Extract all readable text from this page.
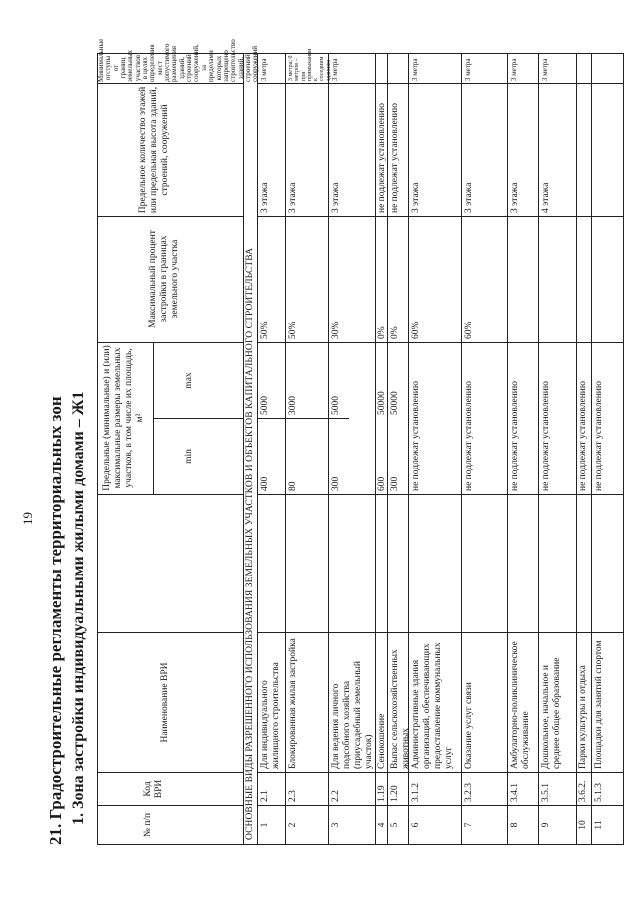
19 21. Градостроительные регламенты территориальных зон 1. Зона застройки индивидуальными жилыми домами – Ж1	№ п/п
Код ВРИ
Наименование ВРИ
Предельные (минимальные) и (или) максимальные размеры земельных участков, в том числе их площадь, м²
min
max
Максимальный процент застройки в границах земельного участка
Предельное количество этажей или предельная высота зданий, строений, сооружений
Минимальные отступы от границ земельных участков в целях определения мест допустимого размещения зданий, строений, сооружений, за пределами которых запрещено строительство зданий, строений, сооружений
ОСНОВНЫЕ ВИДЫ РАЗРЕШЕННОГО ИСПОЛЬЗОВАНИЯ ЗЕМЕЛЬНЫХ УЧАСТКОВ И ОБЪЕКТОВ КАПИТАЛЬНОГО СТРОИТЕЛЬСТВА 1
2.1
Для индивидуального жилищного строительства
400
5000
50%
3 этажа
3 метра
2
2.3
Блокированная жилая застройка
80
3000
50%
3 этажа
3 метра; 0 метров – при примыкании к соседним зданиям
3
2.2
Для ведения личного подсобного хозяйства (приусадебный земельный участок)
300
5000
30%
3 этажа
3 метра
4
1.19
Сенокошение
600
50000
0%
не подлежат установлению
5
1.20
Выпас сельскохозяйственных животных
300
50000
0%
не подлежат установлению
6
3.1.2
Административные здания организаций, обеспечивающих предоставление коммунальных услуг
не подлежат установлению
60%
3 этажа
3 метра
7
3.2.3
Оказание услуг связи
не подлежат установлению
60%
3 этажа
3 метра
8
3.4.1
Амбулаторно-поликлиническое обслуживание
не подлежат установлению
3 этажа
3 метра
9
3.5.1
Дошкольное, начальное и среднее общее образование
не подлежат установлению
4 этажа
3 метра
10
3.6.2.
Парки культуры и отдыха
не подлежат установлению
11
5.1.3
Площадки для занятий спортом
не подлежат установлению
